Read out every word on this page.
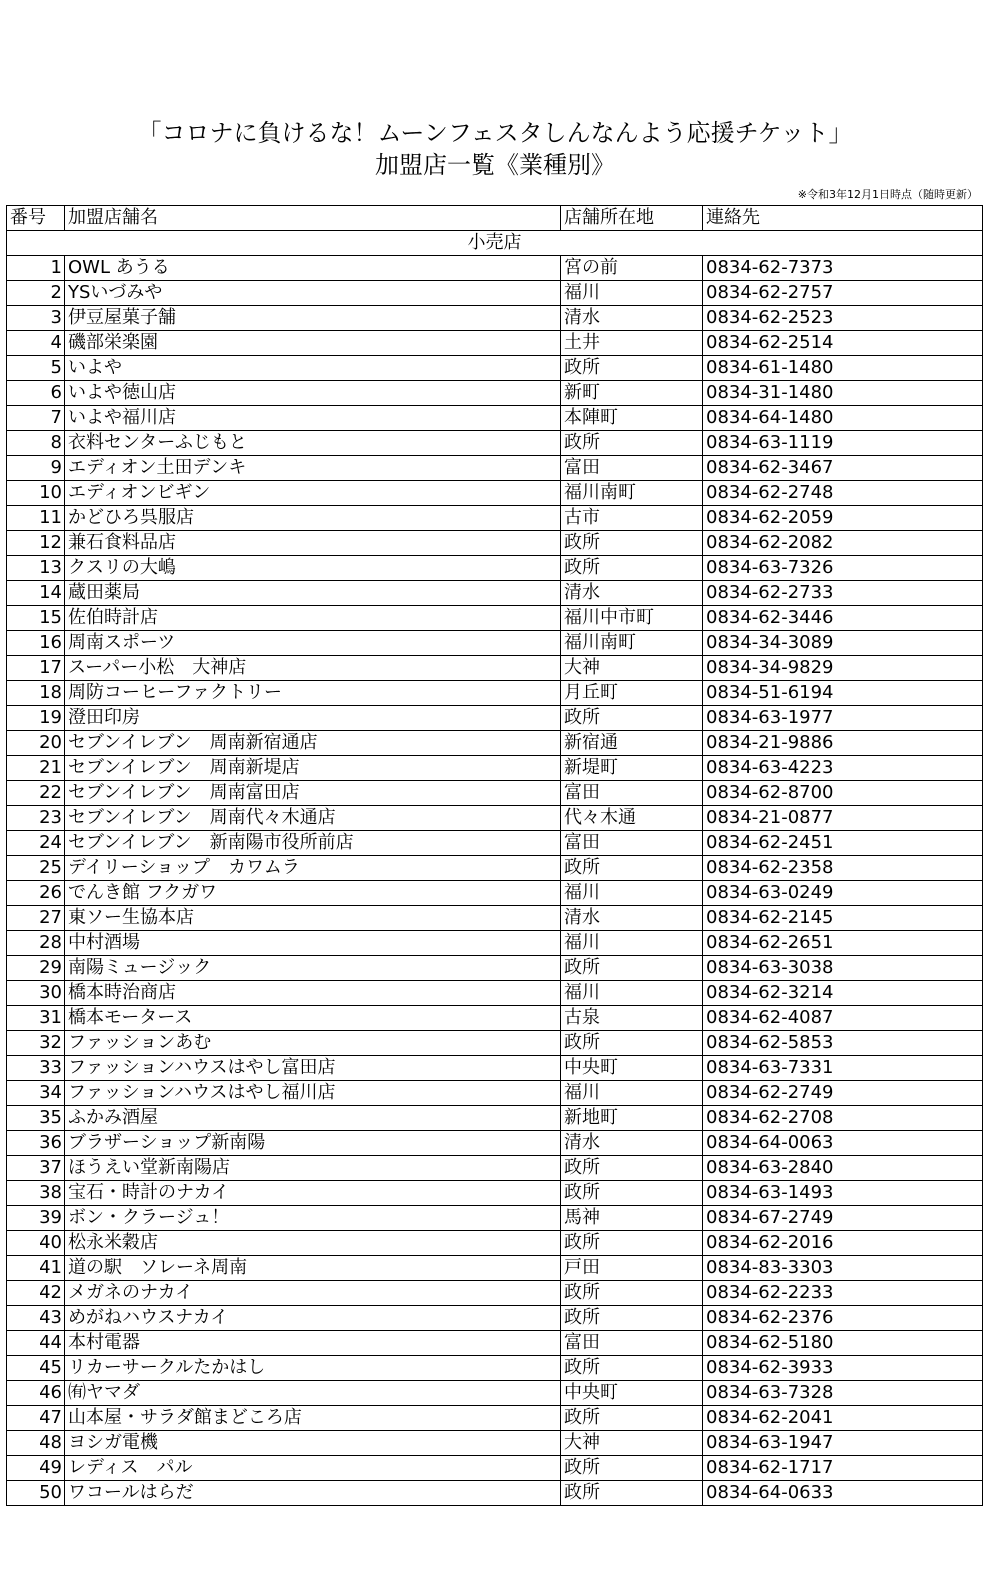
「コロナに負けるな！ムーンフェスタしんなんよう応援チケット」
加盟店一覧《業種別》
※令和3年12月1日時点（随時更新）
番号	加盟店舗名	店舗所在地	連絡先
小売店			
1	OWL あうる	宮の前	0834-62-7373
2	YSいづみや	福川	0834-62-2757
3	伊豆屋菓子舗	清水	0834-62-2523
4	磯部栄楽園	土井	0834-62-2514
5	いよや	政所	0834-61-1480
6	いよや徳山店	新町	0834-31-1480
7	いよや福川店	本陣町	0834-64-1480
8	衣料センターふじもと	政所	0834-63-1119
9	エディオン土田デンキ	富田	0834-62-3467
10	エディオンビギン	福川南町	0834-62-2748
11	かどひろ呉服店	古市	0834-62-2059
12	兼石食料品店	政所	0834-62-2082
13	クスリの大嶋	政所	0834-63-7326
14	蔵田薬局	清水	0834-62-2733
15	佐伯時計店	福川中市町	0834-62-3446
16	周南スポーツ	福川南町	0834-34-3089
17	スーパー小松　大神店	大神	0834-34-9829
18	周防コーヒーファクトリー	月丘町	0834-51-6194
19	澄田印房	政所	0834-63-1977
20	セブンイレブン　周南新宿通店	新宿通	0834-21-9886
21	セブンイレブン　周南新堤店	新堤町	0834-63-4223
22	セブンイレブン　周南富田店	富田	0834-62-8700
23	セブンイレブン　周南代々木通店	代々木通	0834-21-0877
24	セブンイレブン　新南陽市役所前店	富田	0834-62-2451
25	デイリーショップ　カワムラ	政所	0834-62-2358
26	でんき館 フクガワ	福川	0834-63-0249
27	東ソー生協本店	清水	0834-62-2145
28	中村酒場	福川	0834-62-2651
29	南陽ミュージック	政所	0834-63-3038
30	橋本時治商店	福川	0834-62-3214
31	橋本モータース	古泉	0834-62-4087
32	ファッションあむ	政所	0834-62-5853
33	ファッションハウスはやし富田店	中央町	0834-63-7331
34	ファッションハウスはやし福川店	福川	0834-62-2749
35	ふかみ酒屋	新地町	0834-62-2708
36	ブラザーショップ新南陽	清水	0834-64-0063
37	ほうえい堂新南陽店	政所	0834-63-2840
38	宝石・時計のナカイ	政所	0834-63-1493
39	ボン・クラージュ！	馬神	0834-67-2749
40	松永米穀店	政所	0834-62-2016
41	道の駅　ソレーネ周南	戸田	0834-83-3303
42	メガネのナカイ	政所	0834-62-2233
43	めがねハウスナカイ	政所	0834-62-2376
44	本村電器	富田	0834-62-5180
45	リカーサークルたかはし	政所	0834-62-3933
46	㈲ヤマダ	中央町	0834-63-7328
47	山本屋・サラダ館まどころ店	政所	0834-62-2041
48	ヨシガ電機	大神	0834-63-1947
49	レディス　パル	政所	0834-62-1717
50	ワコールはらだ	政所	0834-64-0633
